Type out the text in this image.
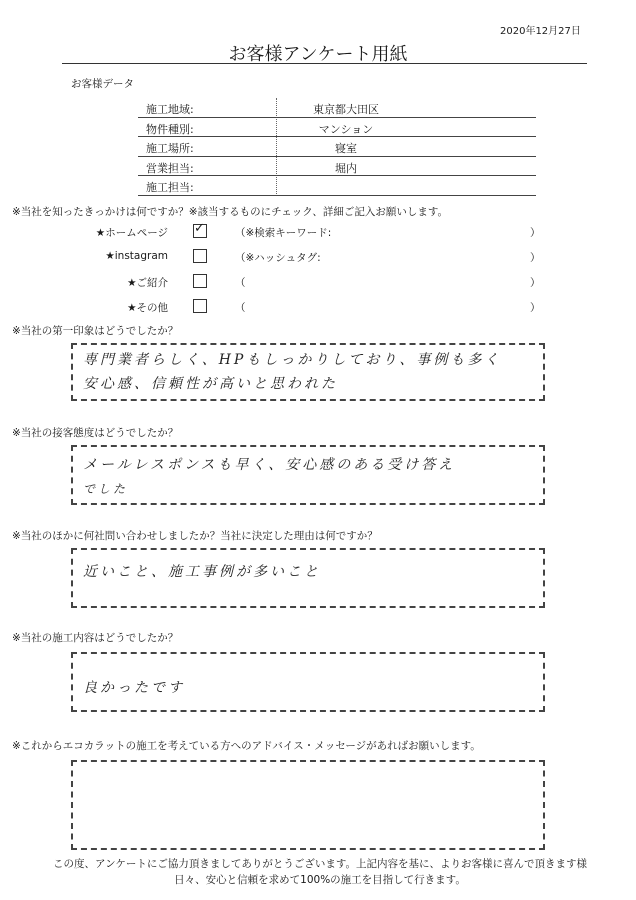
2020年12月27日
お客様アンケート用紙
お客様データ
施工地域:	東京都大田区
物件種別:	マンション
施工場所:	寝室
営業担当:	堀内
施工担当:
※当社を知ったきっかけは何ですか？※該当するものにチェック、詳細ご記入お願いします。
★ホームページ ✓	（※検索キーワード:	）
★instagram	（※ハッシュタグ:	）
★ご紹介	（	）
★その他	（	）
※当社の第一印象はどうでしたか？
専門業者らしく、HPもしっかりしており、事例も多く
安心感、信頼性が高いと思われた
※当社の接客態度はどうでしたか？
メールレスポンスも早く、安心感のある受け答え
でした
※当社のほかに何社問い合わせしましたか？当社に決定した理由は何ですか？
近いこと、施工事例が多いこと
※当社の施工内容はどうでしたか？
良かったです
※これからエコカラットの施工を考えている方へのアドバイス・メッセージがあればお願いします。
この度、アンケートにご協力頂きましてありがとうございます。上記内容を基に、よりお客様に喜んで頂きます様
日々、安心と信頼を求めて100%の施工を目指して行きます。
